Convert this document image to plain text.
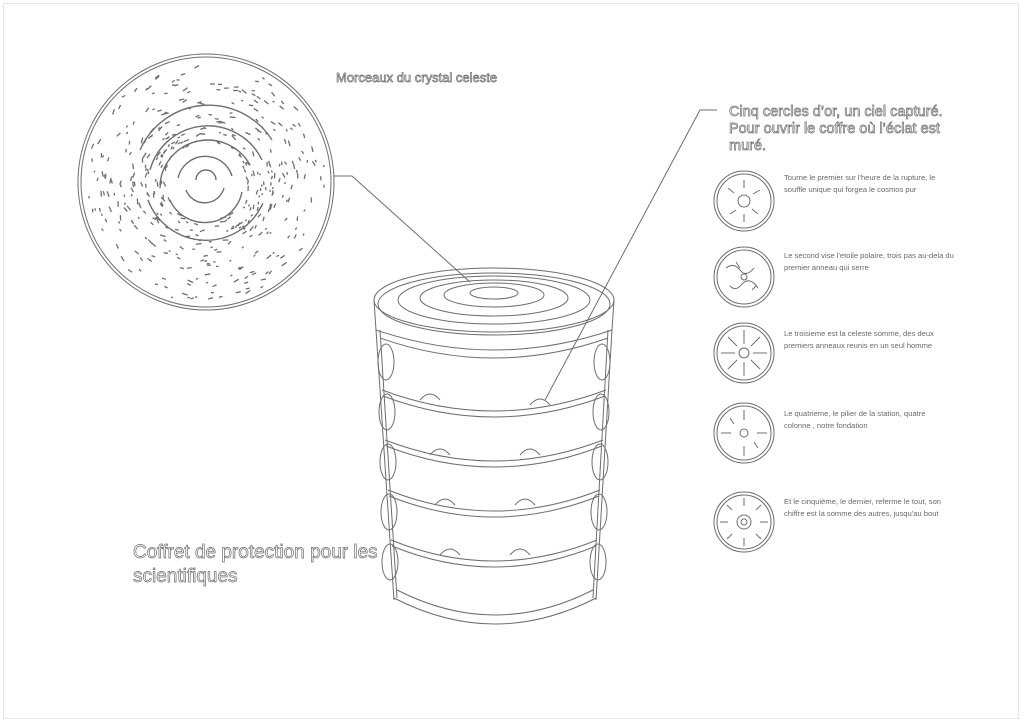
Morceaux du crystal celeste
Cinq cercles d’or, un ciel capturé. Pour ouvrir le coffre où l’éclat est muré.
Coffret de protection pour les scientifiques
Tourne le premier sur l'heure de la rupture, le souffle unique qui forgea le cosmos pur
Le second vise l'etoile polaire, trois pas au-dela du premier anneau qui serre
Le troisieme est la celeste somme, des deux premiers anneaux reunis en un seul homme
Le quatrieme, le pilier de la station, quatre colonne , notre fondation
Et le cinquième, le dernier, referme le tout, son chiffre est la somme des autres, jusqu'au bout
